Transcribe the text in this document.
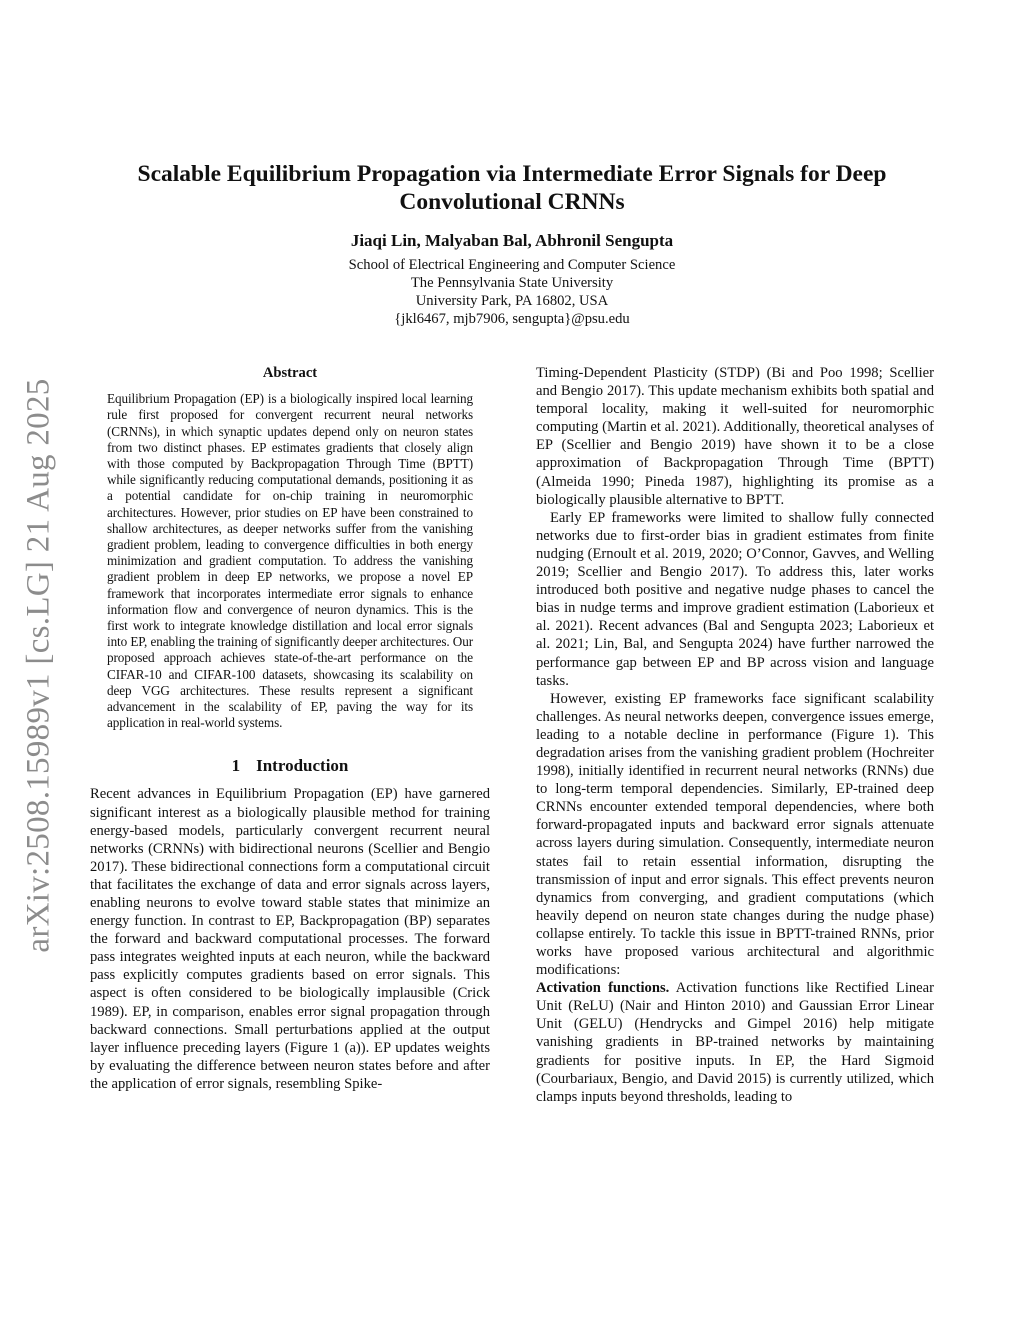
arXiv:2508.15989v1 [cs.LG] 21 Aug 2025
Scalable Equilibrium Propagation via Intermediate Error Signals for Deep Convolutional CRNNs
Jiaqi Lin, Malyaban Bal, Abhronil Sengupta
School of Electrical Engineering and Computer Science
The Pennsylvania State University
University Park, PA 16802, USA
{jkl6467, mjb7906, sengupta}@psu.edu
Abstract

Equilibrium Propagation (EP) is a biologically inspired local learning rule first proposed for convergent recurrent neural networks (CRNNs), in which synaptic updates depend only on neuron states from two distinct phases. EP estimates gradients that closely align with those computed by Backpropagation Through Time (BPTT) while significantly reducing computational demands, positioning it as a potential candidate for on-chip training in neuromorphic architectures. However, prior studies on EP have been constrained to shallow architectures, as deeper networks suffer from the vanishing gradient problem, leading to convergence difficulties in both energy minimization and gradient computation. To address the vanishing gradient problem in deep EP networks, we propose a novel EP framework that incorporates intermediate error signals to enhance information flow and convergence of neuron dynamics. This is the first work to integrate knowledge distillation and local error signals into EP, enabling the training of significantly deeper architectures. Our proposed approach achieves state-of-the-art performance on the CIFAR-10 and CIFAR-100 datasets, showcasing its scalability on deep VGG architectures. These results represent a significant advancement in the scalability of EP, paving the way for its application in real-world systems.

1 Introduction

Recent advances in Equilibrium Propagation (EP) have garnered significant interest as a biologically plausible method for training energy-based models, particularly convergent recurrent neural networks (CRNNs) with bidirectional neurons (Scellier and Bengio 2017). These bidirectional connections form a computational circuit that facilitates the exchange of data and error signals across layers, enabling neurons to evolve toward stable states that minimize an energy function. In contrast to EP, Backpropagation (BP) separates the forward and backward computational processes. The forward pass integrates weighted inputs at each neuron, while the backward pass explicitly computes gradients based on error signals. This aspect is often considered to be biologically implausible (Crick 1989). EP, in comparison, enables error signal propagation through backward connections. Small perturbations applied at the output layer influence preceding layers (Figure 1 (a)). EP updates weights by evaluating the difference between neuron states before and after the application of error signals, resembling Spike-

Timing-Dependent Plasticity (STDP) (Bi and Poo 1998; Scellier and Bengio 2017). This update mechanism exhibits both spatial and temporal locality, making it well-suited for neuromorphic computing (Martin et al. 2021). Additionally, theoretical analyses of EP (Scellier and Bengio 2019) have shown it to be a close approximation of Backpropagation Through Time (BPTT) (Almeida 1990; Pineda 1987), highlighting its promise as a biologically plausible alternative to BPTT.

Early EP frameworks were limited to shallow fully connected networks due to first-order bias in gradient estimates from finite nudging (Ernoult et al. 2019, 2020; O’Connor, Gavves, and Welling 2019; Scellier and Bengio 2017). To address this, later works introduced both positive and negative nudge phases to cancel the bias in nudge terms and improve gradient estimation (Laborieux et al. 2021). Recent advances (Bal and Sengupta 2023; Laborieux et al. 2021; Lin, Bal, and Sengupta 2024) have further narrowed the performance gap between EP and BP across vision and language tasks.

However, existing EP frameworks face significant scalability challenges. As neural networks deepen, convergence issues emerge, leading to a notable decline in performance (Figure 1). This degradation arises from the vanishing gradient problem (Hochreiter 1998), initially identified in recurrent neural networks (RNNs) due to long-term temporal dependencies. Similarly, EP-trained deep CRNNs encounter extended temporal dependencies, where both forward-propagated inputs and backward error signals attenuate across layers during simulation. Consequently, intermediate neuron states fail to retain essential information, disrupting the transmission of input and error signals. This effect prevents neuron dynamics from converging, and gradient computations (which heavily depend on neuron state changes during the nudge phase) collapse entirely. To tackle this issue in BPTT-trained RNNs, prior works have proposed various architectural and algorithmic modifications:

Activation functions. Activation functions like Rectified Linear Unit (ReLU) (Nair and Hinton 2010) and Gaussian Error Linear Unit (GELU) (Hendrycks and Gimpel 2016) help mitigate vanishing gradients in BP-trained networks by maintaining gradients for positive inputs. In EP, the Hard Sigmoid (Courbariaux, Bengio, and David 2015) is currently utilized, which clamps inputs beyond thresholds, leading to
